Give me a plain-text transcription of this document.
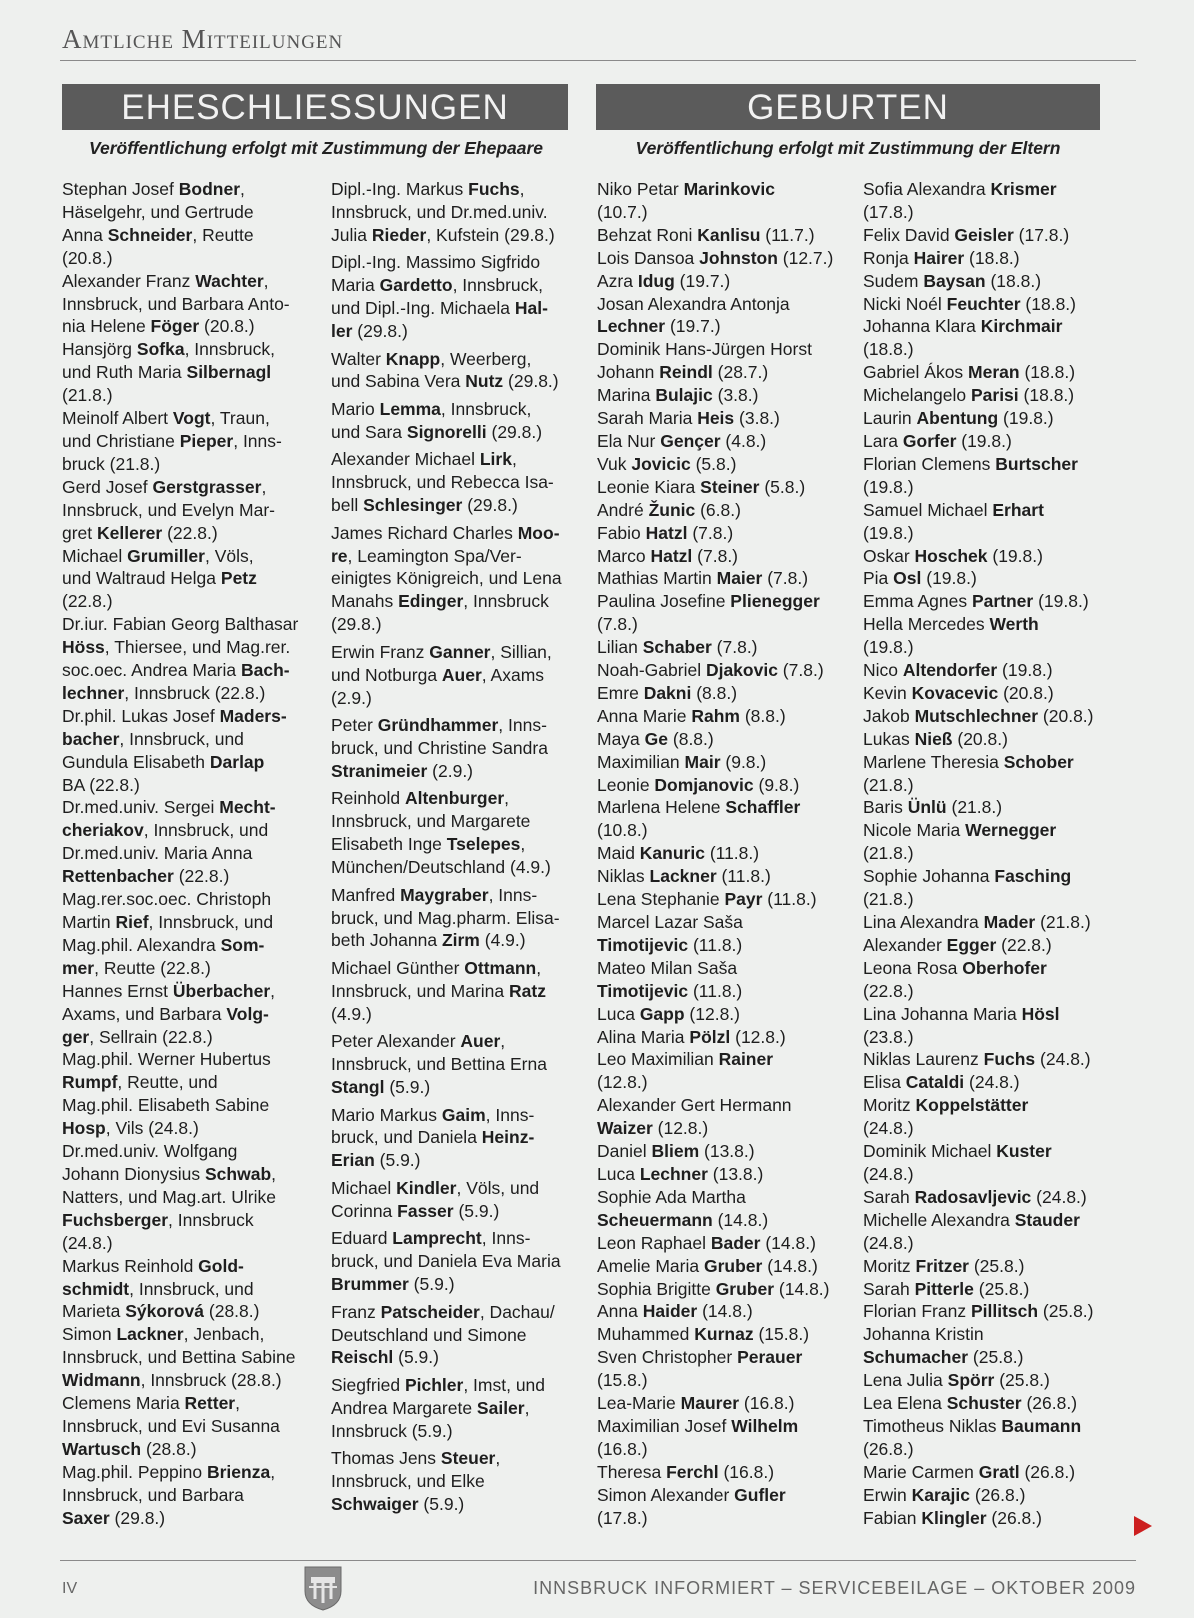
Amtliche Mitteilungen
EHESCHLIESSUNGEN
Veröffentlichung erfolgt mit Zustimmung der Ehepaare
GEBURTEN
Veröffentlichung erfolgt mit Zustimmung der Eltern
Stephan Josef Bodner,
Häselgehr, und Gertrude
Anna Schneider, Reutte
(20.8.)
Alexander Franz Wachter,
Innsbruck, und Barbara Anto-
nia Helene Föger (20.8.)
Hansjörg Sofka, Innsbruck,
und Ruth Maria Silbernagl
(21.8.)
Meinolf Albert Vogt, Traun,
und Christiane Pieper, Inns-
bruck (21.8.)
Gerd Josef Gerstgrasser,
Innsbruck, und Evelyn Mar-
gret Kellerer (22.8.)
Michael Grumiller, Völs,
und Waltraud Helga Petz
(22.8.)
Dr.iur. Fabian Georg Balthasar
Höss, Thiersee, und Mag.rer.
soc.oec. Andrea Maria Bach-
lechner, Innsbruck (22.8.)
Dr.phil. Lukas Josef Maders-
bacher, Innsbruck, und
Gundula Elisabeth Darlap
BA (22.8.)
Dr.med.univ. Sergei Mecht-
cheriakov, Innsbruck, und
Dr.med.univ. Maria Anna
Rettenbacher (22.8.)
Mag.rer.soc.oec. Christoph
Martin Rief, Innsbruck, und
Mag.phil. Alexandra Som-
mer, Reutte (22.8.)
Hannes Ernst Überbacher,
Axams, und Barbara Volg-
ger, Sellrain (22.8.)
Mag.phil. Werner Hubertus
Rumpf, Reutte, und
Mag.phil. Elisabeth Sabine
Hosp, Vils (24.8.)
Dr.med.univ. Wolfgang
Johann Dionysius Schwab,
Natters, und Mag.art. Ulrike
Fuchsberger, Innsbruck
(24.8.)
Markus Reinhold Gold-
schmidt, Innsbruck, und
Marieta Sýkorová (28.8.)
Simon Lackner, Jenbach,
Innsbruck, und Bettina Sabine
Widmann, Innsbruck (28.8.)
Clemens Maria Retter,
Innsbruck, und Evi Susanna
Wartusch (28.8.)
Mag.phil. Peppino Brienza,
Innsbruck, und Barbara
Saxer (29.8.)
Dipl.-Ing. Markus Fuchs,
Innsbruck, und Dr.med.univ.
Julia Rieder, Kufstein (29.8.)
Dipl.-Ing. Massimo Sigfrido
Maria Gardetto, Innsbruck,
und Dipl.-Ing. Michaela Hal-
ler (29.8.)
Walter Knapp, Weerberg,
und Sabina Vera Nutz (29.8.)
Mario Lemma, Innsbruck,
und Sara Signorelli (29.8.)
Alexander Michael Lirk,
Innsbruck, und Rebecca Isa-
bell Schlesinger (29.8.)
James Richard Charles Moo-
re, Leamington Spa/Ver-
einigtes Königreich, und Lena
Manahs Edinger, Innsbruck
(29.8.)
Erwin Franz Ganner, Sillian,
und Notburga Auer, Axams
(2.9.)
Peter Gründhammer, Inns-
bruck, und Christine Sandra
Stranimeier (2.9.)
Reinhold Altenburger,
Innsbruck, und Margarete
Elisabeth Inge Tselepes,
München/Deutschland (4.9.)
Manfred Maygraber, Inns-
bruck, und Mag.pharm. Elisa-
beth Johanna Zirm (4.9.)
Michael Günther Ottmann,
Innsbruck, und Marina Ratz
(4.9.)
Peter Alexander Auer,
Innsbruck, und Bettina Erna
Stangl (5.9.)
Mario Markus Gaim, Inns-
bruck, und Daniela Heinz-
Erian (5.9.)
Michael Kindler, Völs, und
Corinna Fasser (5.9.)
Eduard Lamprecht, Inns-
bruck, und Daniela Eva Maria
Brummer (5.9.)
Franz Patscheider, Dachau/
Deutschland und Simone
Reischl (5.9.)
Siegfried Pichler, Imst, und
Andrea Margarete Sailer,
Innsbruck (5.9.)
Thomas Jens Steuer,
Innsbruck, und Elke
Schwaiger (5.9.)
Niko Petar Marinkovic
(10.7.)
Behzat Roni Kanlisu (11.7.)
Lois Dansoa Johnston (12.7.)
Azra Idug (19.7.)
Josan Alexandra Antonja
Lechner (19.7.)
Dominik Hans-Jürgen Horst
Johann Reindl (28.7.)
Marina Bulajic (3.8.)
Sarah Maria Heis (3.8.)
Ela Nur Gençer (4.8.)
Vuk Jovicic (5.8.)
Leonie Kiara Steiner (5.8.)
André Žunic (6.8.)
Fabio Hatzl (7.8.)
Marco Hatzl (7.8.)
Mathias Martin Maier (7.8.)
Paulina Josefine Plienegger
(7.8.)
Lilian Schaber (7.8.)
Noah-Gabriel Djakovic (7.8.)
Emre Dakni (8.8.)
Anna Marie Rahm (8.8.)
Maya Ge (8.8.)
Maximilian Mair (9.8.)
Leonie Domjanovic (9.8.)
Marlena Helene Schaffler
(10.8.)
Maid Kanuric (11.8.)
Niklas Lackner (11.8.)
Lena Stephanie Payr (11.8.)
Marcel Lazar Saša
Timotijevic (11.8.)
Mateo Milan Saša
Timotijevic (11.8.)
Luca Gapp (12.8.)
Alina Maria Pölzl (12.8.)
Leo Maximilian Rainer
(12.8.)
Alexander Gert Hermann
Waizer (12.8.)
Daniel Bliem (13.8.)
Luca Lechner (13.8.)
Sophie Ada Martha
Scheuermann (14.8.)
Leon Raphael Bader (14.8.)
Amelie Maria Gruber (14.8.)
Sophia Brigitte Gruber (14.8.)
Anna Haider (14.8.)
Muhammed Kurnaz (15.8.)
Sven Christopher Perauer
(15.8.)
Lea-Marie Maurer (16.8.)
Maximilian Josef Wilhelm
(16.8.)
Theresa Ferchl (16.8.)
Simon Alexander Gufler
(17.8.)
Sofia Alexandra Krismer
(17.8.)
Felix David Geisler (17.8.)
Ronja Hairer (18.8.)
Sudem Baysan (18.8.)
Nicki Noél Feuchter (18.8.)
Johanna Klara Kirchmair
(18.8.)
Gabriel Ákos Meran (18.8.)
Michelangelo Parisi (18.8.)
Laurin Abentung (19.8.)
Lara Gorfer (19.8.)
Florian Clemens Burtscher
(19.8.)
Samuel Michael Erhart
(19.8.)
Oskar Hoschek (19.8.)
Pia Osl (19.8.)
Emma Agnes Partner (19.8.)
Hella Mercedes Werth
(19.8.)
Nico Altendorfer (19.8.)
Kevin Kovacevic (20.8.)
Jakob Mutschlechner (20.8.)
Lukas Nieß (20.8.)
Marlene Theresia Schober
(21.8.)
Baris Ünlü (21.8.)
Nicole Maria Wernegger
(21.8.)
Sophie Johanna Fasching
(21.8.)
Lina Alexandra Mader (21.8.)
Alexander Egger (22.8.)
Leona Rosa Oberhofer
(22.8.)
Lina Johanna Maria Hösl
(23.8.)
Niklas Laurenz Fuchs (24.8.)
Elisa Cataldi (24.8.)
Moritz Koppelstätter
(24.8.)
Dominik Michael Kuster
(24.8.)
Sarah Radosavljevic (24.8.)
Michelle Alexandra Stauder
(24.8.)
Moritz Fritzer (25.8.)
Sarah Pitterle (25.8.)
Florian Franz Pillitsch (25.8.)
Johanna Kristin
Schumacher (25.8.)
Lena Julia Spörr (25.8.)
Lea Elena Schuster (26.8.)
Timotheus Niklas Baumann
(26.8.)
Marie Carmen Gratl (26.8.)
Erwin Karajic (26.8.)
Fabian Klingler (26.8.)
IV	INNSBRUCK INFORMIERT – SERVICEBEILAGE – OKTOBER 2009
